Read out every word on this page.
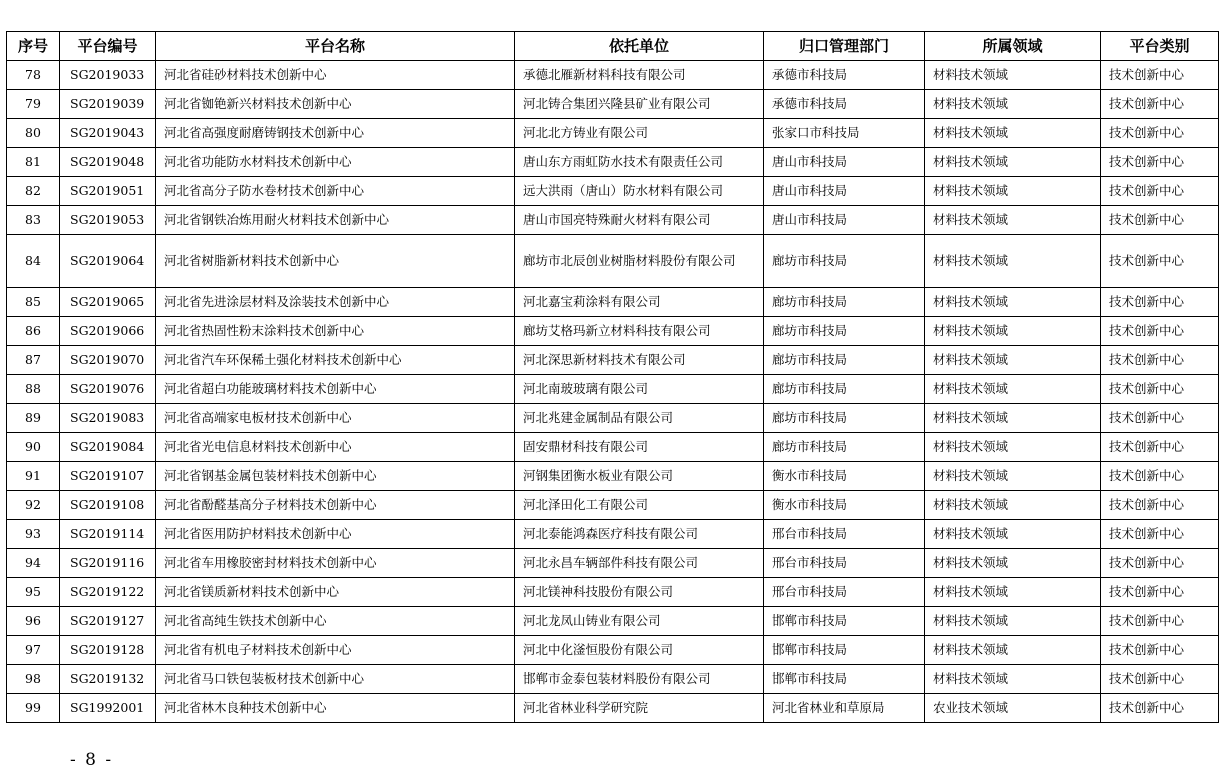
序号	平台编号	平台名称	依托单位	归口管理部门	所属领域	平台类别
78	SG2019033	河北省硅砂材料技术创新中心	承德北雁新材料科技有限公司	承德市科技局	材料技术领域	技术创新中心
79	SG2019039	河北省铷铯新兴材料技术创新中心	河北铸合集团兴隆县矿业有限公司	承德市科技局	材料技术领域	技术创新中心
80	SG2019043	河北省高强度耐磨铸钢技术创新中心	河北北方铸业有限公司	张家口市科技局	材料技术领域	技术创新中心
81	SG2019048	河北省功能防水材料技术创新中心	唐山东方雨虹防水技术有限责任公司	唐山市科技局	材料技术领域	技术创新中心
82	SG2019051	河北省高分子防水卷材技术创新中心	远大洪雨（唐山）防水材料有限公司	唐山市科技局	材料技术领域	技术创新中心
83	SG2019053	河北省钢铁冶炼用耐火材料技术创新中心	唐山市国亮特殊耐火材料有限公司	唐山市科技局	材料技术领域	技术创新中心
84	SG2019064	河北省树脂新材料技术创新中心	廊坊市北辰创业树脂材料股份有限公司	廊坊市科技局	材料技术领域	技术创新中心
85	SG2019065	河北省先进涂层材料及涂装技术创新中心	河北嘉宝莉涂料有限公司	廊坊市科技局	材料技术领域	技术创新中心
86	SG2019066	河北省热固性粉末涂料技术创新中心	廊坊艾格玛新立材料科技有限公司	廊坊市科技局	材料技术领域	技术创新中心
87	SG2019070	河北省汽车环保稀土强化材料技术创新中心	河北深思新材料技术有限公司	廊坊市科技局	材料技术领域	技术创新中心
88	SG2019076	河北省超白功能玻璃材料技术创新中心	河北南玻玻璃有限公司	廊坊市科技局	材料技术领域	技术创新中心
89	SG2019083	河北省高端家电板材技术创新中心	河北兆建金属制品有限公司	廊坊市科技局	材料技术领域	技术创新中心
90	SG2019084	河北省光电信息材料技术创新中心	固安鼎材科技有限公司	廊坊市科技局	材料技术领域	技术创新中心
91	SG2019107	河北省钢基金属包装材料技术创新中心	河钢集团衡水板业有限公司	衡水市科技局	材料技术领域	技术创新中心
92	SG2019108	河北省酚醛基高分子材料技术创新中心	河北泽田化工有限公司	衡水市科技局	材料技术领域	技术创新中心
93	SG2019114	河北省医用防护材料技术创新中心	河北泰能鸿森医疗科技有限公司	邢台市科技局	材料技术领域	技术创新中心
94	SG2019116	河北省车用橡胶密封材料技术创新中心	河北永昌车辆部件科技有限公司	邢台市科技局	材料技术领域	技术创新中心
95	SG2019122	河北省镁质新材料技术创新中心	河北镁神科技股份有限公司	邢台市科技局	材料技术领域	技术创新中心
96	SG2019127	河北省高纯生铁技术创新中心	河北龙凤山铸业有限公司	邯郸市科技局	材料技术领域	技术创新中心
97	SG2019128	河北省有机电子材料技术创新中心	河北中化滏恒股份有限公司	邯郸市科技局	材料技术领域	技术创新中心
98	SG2019132	河北省马口铁包装板材技术创新中心	邯郸市金泰包装材料股份有限公司	邯郸市科技局	材料技术领域	技术创新中心
99	SG1992001	河北省林木良种技术创新中心	河北省林业科学研究院	河北省林业和草原局	农业技术领域	技术创新中心
- 8 -
